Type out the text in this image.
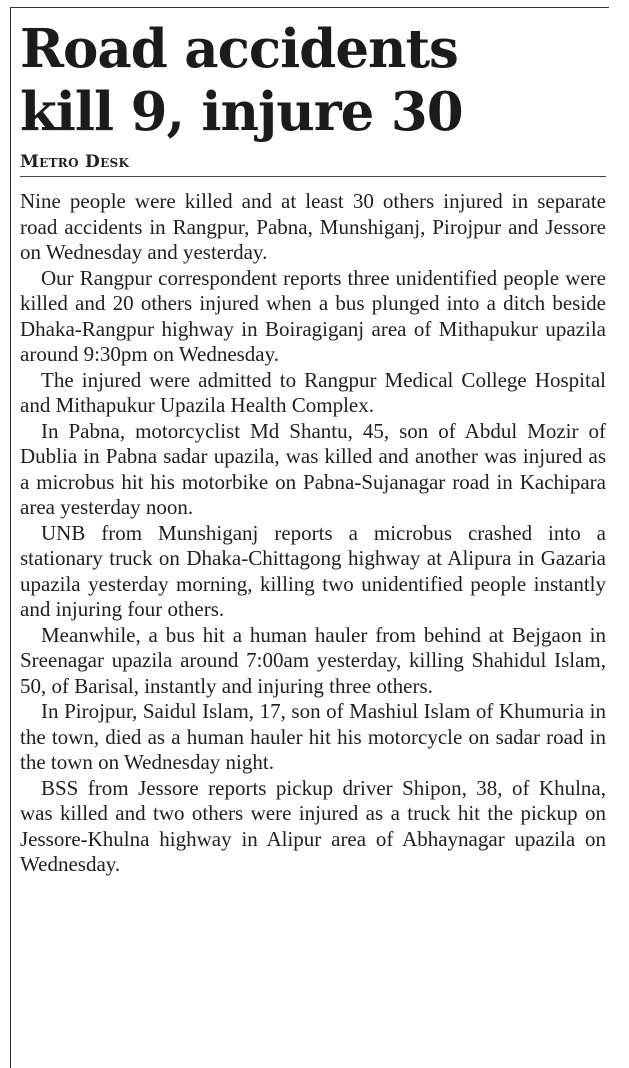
Road accidents
kill 9, injure 30
Metro Desk

Nine people were killed and at least 30 others injured in separate road accidents in Rangpur, Pabna, Munshiganj, Pirojpur and Jessore on Wednesday and yesterday.

Our Rangpur correspondent reports three unidentified people were killed and 20 others injured when a bus plunged into a ditch beside Dhaka-Rangpur highway in Boiragiganj area of Mithapukur upazila around 9:30pm on Wednesday.

The injured were admitted to Rangpur Medical College Hospital and Mithapukur Upazila Health Complex.

In Pabna, motorcyclist Md Shantu, 45, son of Abdul Mozir of Dublia in Pabna sadar upazila, was killed and another was injured as a microbus hit his motorbike on Pabna-Sujanagar road in Kachipara area yesterday noon.

UNB from Munshiganj reports a microbus crashed into a stationary truck on Dhaka-Chittagong highway at Alipura in Gazaria upazila yesterday morning, killing two unidentified people instantly and injuring four others.

Meanwhile, a bus hit a human hauler from behind at Bejgaon in Sreenagar upazila around 7:00am yesterday, killing Shahidul Islam, 50, of Barisal, instantly and injuring three others.

In Pirojpur, Saidul Islam, 17, son of Mashiul Islam of Khumuria in the town, died as a human hauler hit his motorcycle on sadar road in the town on Wednesday night.

BSS from Jessore reports pickup driver Shipon, 38, of Khulna, was killed and two others were injured as a truck hit the pickup on Jessore-Khulna highway in Alipur area of Abhaynagar upazila on Wednesday.
